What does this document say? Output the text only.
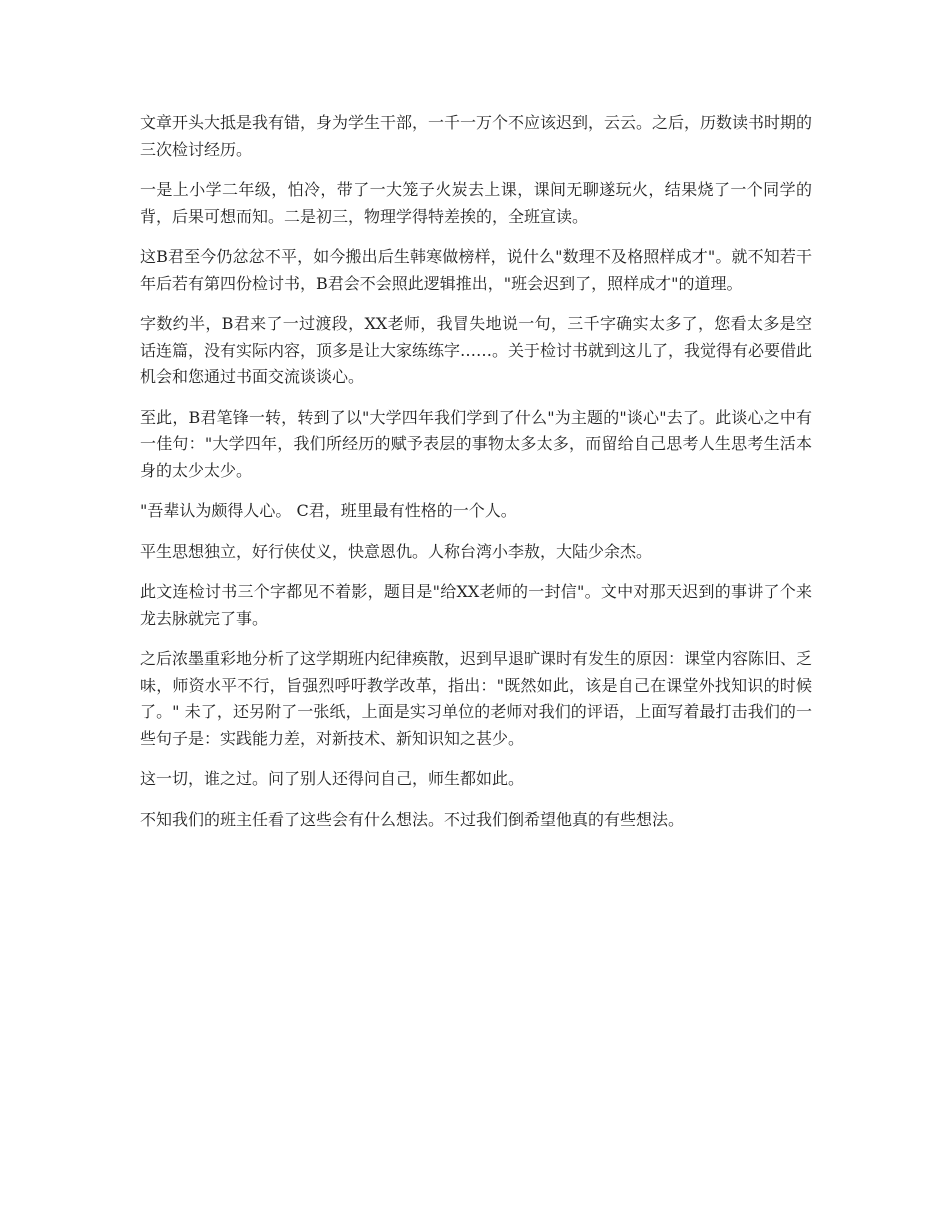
文章开头大抵是我有错，身为学生干部，一千一万个不应该迟到，云云。之后，历数读书时期的三次检讨经历。

一是上小学二年级，怕冷，带了一大笼子火炭去上课，课间无聊遂玩火，结果烧了一个同学的背，后果可想而知。二是初三，物理学得特差挨的，全班宣读。

这B君至今仍忿忿不平，如今搬出后生韩寒做榜样，说什么"数理不及格照样成才"。就不知若干年后若有第四份检讨书，B君会不会照此逻辑推出，"班会迟到了，照样成才"的道理。

字数约半，B君来了一过渡段，XX老师，我冒失地说一句，三千字确实太多了，您看太多是空话连篇，没有实际内容，顶多是让大家练练字……。关于检讨书就到这儿了，我觉得有必要借此机会和您通过书面交流谈谈心。

至此，B君笔锋一转，转到了以"大学四年我们学到了什么"为主题的"谈心"去了。此谈心之中有一佳句："大学四年，我们所经历的赋予表层的事物太多太多，而留给自己思考人生思考生活本身的太少太少。

"吾辈认为颇得人心。 C君，班里最有性格的一个人。

平生思想独立，好行侠仗义，快意恩仇。人称台湾小李敖，大陆少余杰。

此文连检讨书三个字都见不着影，题目是"给XX老师的一封信"。文中对那天迟到的事讲了个来龙去脉就完了事。

之后浓墨重彩地分析了这学期班内纪律痪散，迟到早退旷课时有发生的原因：课堂内容陈旧、乏味，师资水平不行，旨强烈呼吁教学改革，指出："既然如此，该是自己在课堂外找知识的时候了。" 未了，还另附了一张纸，上面是实习单位的老师对我们的评语，上面写着最打击我们的一些句子是：实践能力差，对新技术、新知识知之甚少。

这一切，谁之过。问了别人还得问自己，师生都如此。

不知我们的班主任看了这些会有什么想法。不过我们倒希望他真的有些想法。
